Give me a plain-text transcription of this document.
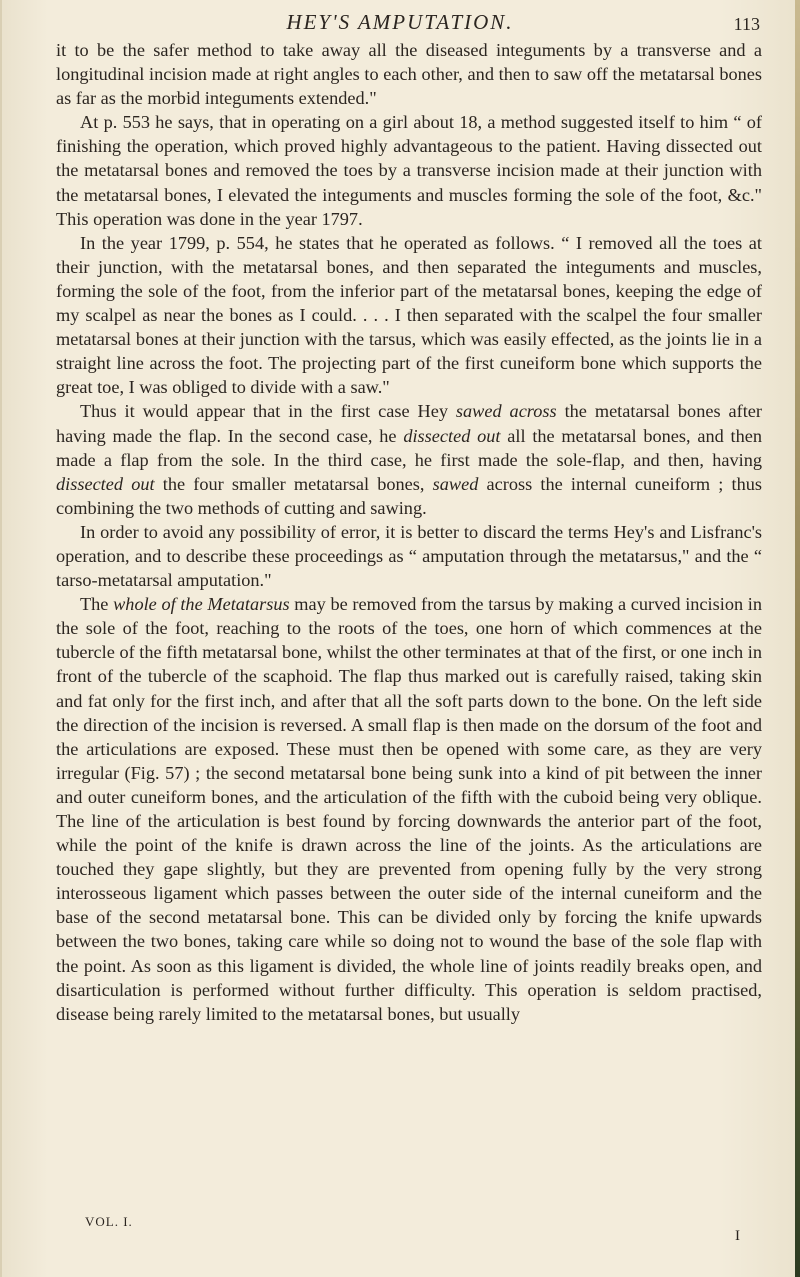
HEY'S AMPUTATION.	113

it to be the safer method to take away all the diseased integuments by a transverse and a longitudinal incision made at right angles to each other, and then to saw off the metatarsal bones as far as the morbid integuments extended."

At p. 553 he says, that in operating on a girl about 18, a method suggested itself to him “ of finishing the operation, which proved highly advantageous to the patient. Having dissected out the metatarsal bones and removed the toes by a transverse incision made at their junction with the metatarsal bones, I elevated the integuments and muscles forming the sole of the foot, &c." This operation was done in the year 1797.

In the year 1799, p. 554, he states that he operated as follows. “ I removed all the toes at their junction, with the metatarsal bones, and then separated the integuments and muscles, forming the sole of the foot, from the inferior part of the metatarsal bones, keeping the edge of my scalpel as near the bones as I could. . . . I then separated with the scalpel the four smaller metatarsal bones at their junction with the tarsus, which was easily effected, as the joints lie in a straight line across the foot. The projecting part of the first cuneiform bone which supports the great toe, I was obliged to divide with a saw."

Thus it would appear that in the first case Hey sawed across the metatarsal bones after having made the flap. In the second case, he dissected out all the metatarsal bones, and then made a flap from the sole. In the third case, he first made the sole-flap, and then, having dissected out the four smaller metatarsal bones, sawed across the internal cuneiform ; thus combining the two methods of cutting and sawing.

In order to avoid any possibility of error, it is better to discard the terms Hey's and Lisfranc's operation, and to describe these proceedings as “ amputation through the metatarsus," and the “ tarso-metatarsal amputation."

The whole of the Metatarsus may be removed from the tarsus by making a curved incision in the sole of the foot, reaching to the roots of the toes, one horn of which commences at the tubercle of the fifth metatarsal bone, whilst the other terminates at that of the first, or one inch in front of the tubercle of the scaphoid. The flap thus marked out is carefully raised, taking skin and fat only for the first inch, and after that all the soft parts down to the bone. On the left side the direction of the incision is reversed. A small flap is then made on the dorsum of the foot and the articulations are exposed. These must then be opened with some care, as they are very irregular (Fig. 57) ; the second metatarsal bone being sunk into a kind of pit between the inner and outer cuneiform bones, and the articulation of the fifth with the cuboid being very oblique. The line of the articulation is best found by forcing downwards the anterior part of the foot, while the point of the knife is drawn across the line of the joints. As the articulations are touched they gape slightly, but they are prevented from opening fully by the very strong interosseous ligament which passes between the outer side of the internal cuneiform and the base of the second metatarsal bone. This can be divided only by forcing the knife upwards between the two bones, taking care while so doing not to wound the base of the sole flap with the point. As soon as this ligament is divided, the whole line of joints readily breaks open, and disarticulation is performed without further difficulty. This operation is seldom practised, disease being rarely limited to the metatarsal bones, but usually

VOL. I.
I
